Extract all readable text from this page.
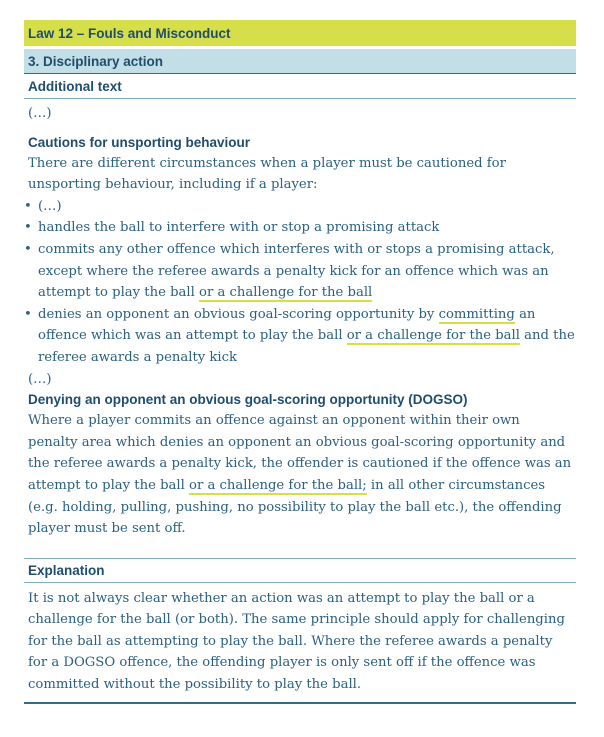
Law 12 – Fouls and Misconduct
3. Disciplinary action
Additional text
(…)
Cautions for unsporting behaviour
There are different circumstances when a player must be cautioned for unsporting behaviour, including if a player:
• (…)
• handles the ball to interfere with or stop a promising attack
• commits any other offence which interferes with or stops a promising attack, except where the referee awards a penalty kick for an offence which was an attempt to play the ball or a challenge for the ball
• denies an opponent an obvious goal-scoring opportunity by committing an offence which was an attempt to play the ball or a challenge for the ball and the referee awards a penalty kick
(…)
Denying an opponent an obvious goal-scoring opportunity (DOGSO)
Where a player commits an offence against an opponent within their own penalty area which denies an opponent an obvious goal-scoring opportunity and the referee awards a penalty kick, the offender is cautioned if the offence was an attempt to play the ball or a challenge for the ball; in all other circumstances (e.g. holding, pulling, pushing, no possibility to play the ball etc.), the offending player must be sent off.
Explanation
It is not always clear whether an action was an attempt to play the ball or a challenge for the ball (or both). The same principle should apply for challenging for the ball as attempting to play the ball. Where the referee awards a penalty for a DOGSO offence, the offending player is only sent off if the offence was committed without the possibility to play the ball.
